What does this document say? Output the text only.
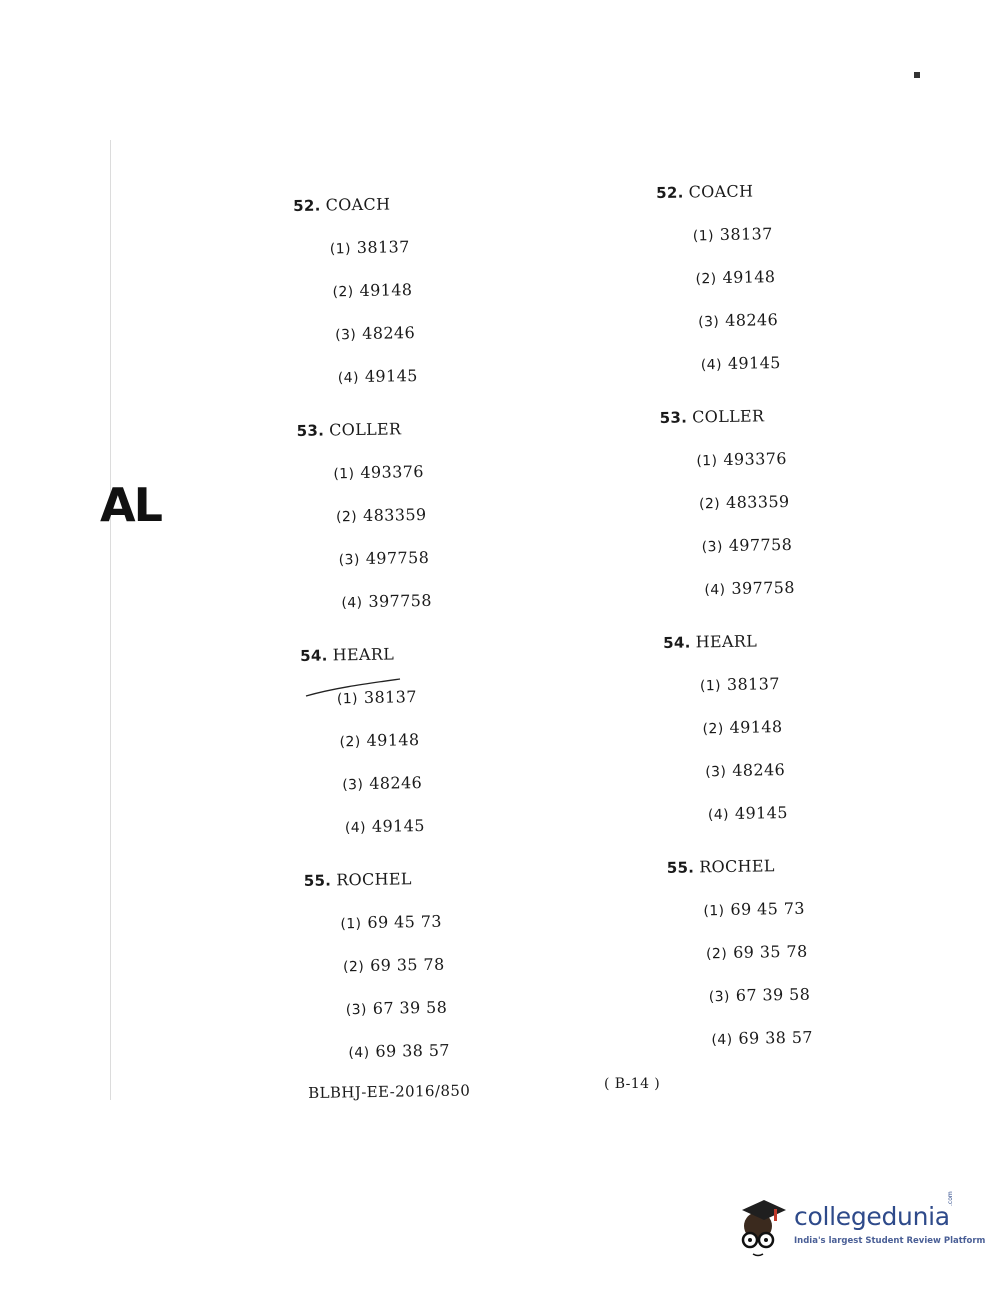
AL
52. COACH
(1) 38137
(2) 49148
(3) 48246
(4) 49145
53. COLLER
(1) 493376
(2) 483359
(3) 497758
(4) 397758
54. HEARL
(1) 38137
(2) 49148
(3) 48246
(4) 49145
55. ROCHEL
(1) 69 45 73
(2) 69 35 78
(3) 67 39 58
(4) 69 38 57
52. COACH
(1) 38137
(2) 49148
(3) 48246
(4) 49145
53. COLLER
(1) 493376
(2) 483359
(3) 497758
(4) 397758
54. HEARL
(1) 38137
(2) 49148
(3) 48246
(4) 49145
55. ROCHEL
(1) 69 45 73
(2) 69 35 78
(3) 67 39 58
(4) 69 38 57
BLBHJ-EE-2016/850	( B-14 )
collegedunia
.com
India's largest Student Review Platform
